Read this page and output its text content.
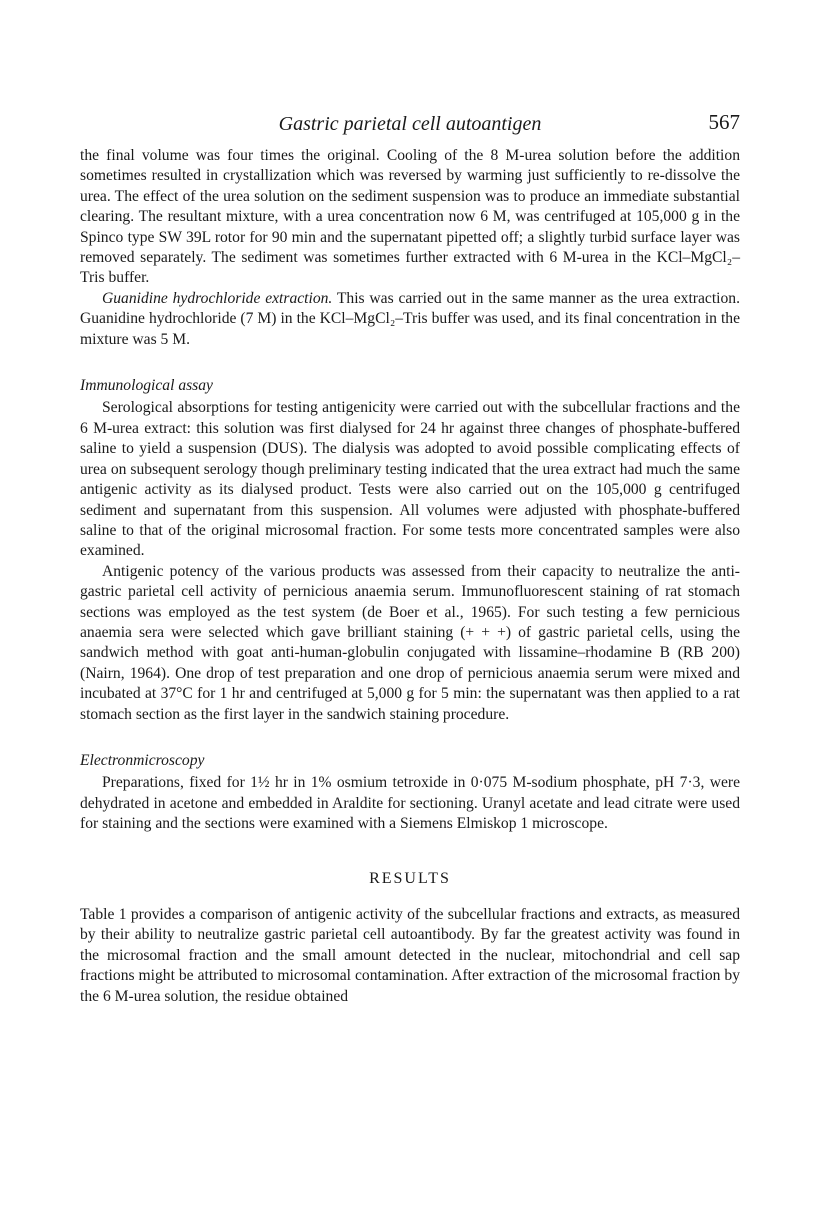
Gastric parietal cell autoantigen	567

the final volume was four times the original. Cooling of the 8 M-urea solution before the addition sometimes resulted in crystallization which was reversed by warming just sufficiently to re-dissolve the urea. The effect of the urea solution on the sediment suspension was to produce an immediate substantial clearing. The resultant mixture, with a urea concentration now 6 M, was centrifuged at 105,000 g in the Spinco type SW 39L rotor for 90 min and the supernatant pipetted off; a slightly turbid surface layer was removed separately. The sediment was sometimes further extracted with 6 M-urea in the KCl–MgCl₂–Tris buffer.

Guanidine hydrochloride extraction. This was carried out in the same manner as the urea extraction. Guanidine hydrochloride (7 M) in the KCl–MgCl₂–Tris buffer was used, and its final concentration in the mixture was 5 M.

Immunological assay

Serological absorptions for testing antigenicity were carried out with the subcellular fractions and the 6 M-urea extract: this solution was first dialysed for 24 hr against three changes of phosphate-buffered saline to yield a suspension (DUS). The dialysis was adopted to avoid possible complicating effects of urea on subsequent serology though preliminary testing indicated that the urea extract had much the same antigenic activity as its dialysed product. Tests were also carried out on the 105,000 g centrifuged sediment and supernatant from this suspension. All volumes were adjusted with phosphate-buffered saline to that of the original microsomal fraction. For some tests more concentrated samples were also examined.

Antigenic potency of the various products was assessed from their capacity to neutralize the anti-gastric parietal cell activity of pernicious anaemia serum. Immunofluorescent staining of rat stomach sections was employed as the test system (de Boer et al., 1965). For such testing a few pernicious anaemia sera were selected which gave brilliant staining (+ + +) of gastric parietal cells, using the sandwich method with goat anti-human-globulin conjugated with lissamine–rhodamine B (RB 200) (Nairn, 1964). One drop of test preparation and one drop of pernicious anaemia serum were mixed and incubated at 37°C for 1 hr and centrifuged at 5,000 g for 5 min: the supernatant was then applied to a rat stomach section as the first layer in the sandwich staining procedure.

Electronmicroscopy

Preparations, fixed for 1½ hr in 1% osmium tetroxide in 0·075 M-sodium phosphate, pH 7·3, were dehydrated in acetone and embedded in Araldite for sectioning. Uranyl acetate and lead citrate were used for staining and the sections were examined with a Siemens Elmiskop 1 microscope.

RESULTS

Table 1 provides a comparison of antigenic activity of the subcellular fractions and extracts, as measured by their ability to neutralize gastric parietal cell autoantibody. By far the greatest activity was found in the microsomal fraction and the small amount detected in the nuclear, mitochondrial and cell sap fractions might be attributed to microsomal contamination. After extraction of the microsomal fraction by the 6 M-urea solution, the residue obtained
